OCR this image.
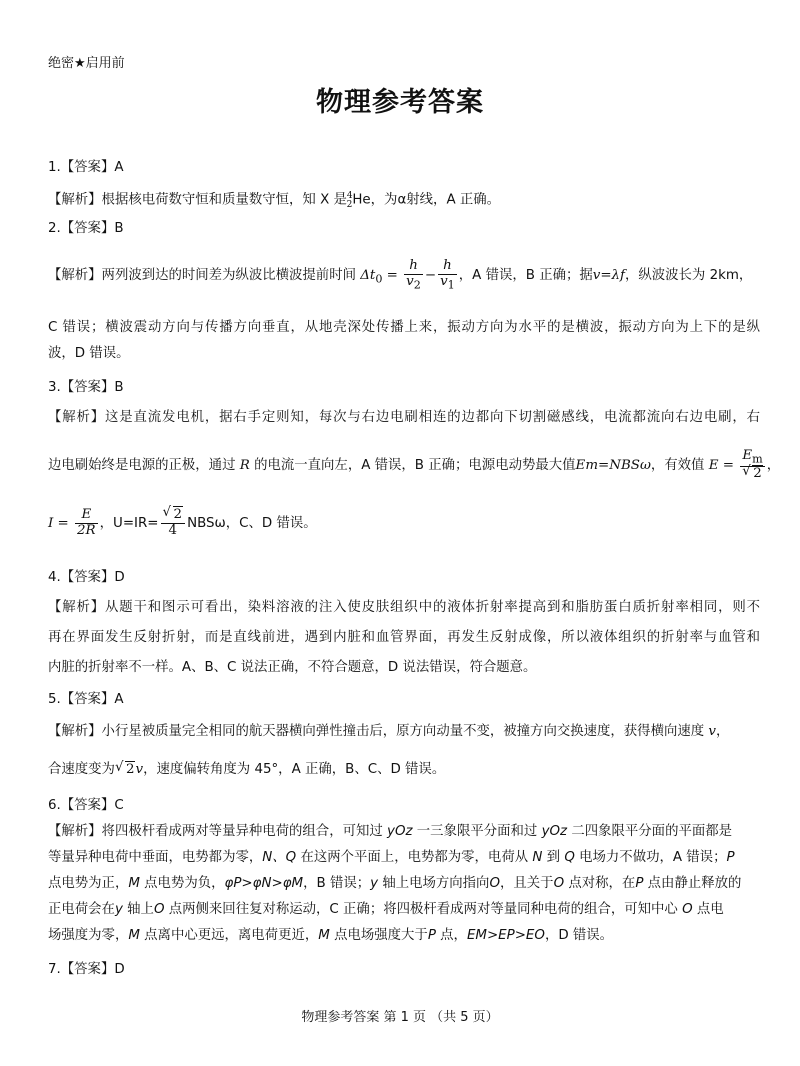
绝密★启用前
物理参考答案
1.【答案】A
【解析】根据核电荷数守恒和质量数守恒，知 X 是$^4_2$He，为α射线，A 正确。
2.【答案】B
【解析】两列波到达的时间差为纵波比横波提前时间 $\Delta t_0 = \frac{h}{v_2} - \frac{h}{v_1}$ ，A 错误，B 正确；据v=λf，纵波波长为 2km，
C 错误；横波震动方向与传播方向垂直，从地壳深处传播上来，振动方向为水平的是横波，振动方向为上下的是纵
波，D 错误。
3.【答案】B
【解析】这是直流发电机，据右手定则知，每次与右边电刷相连的边都向下切割磁感线，电流都流向右边电刷，右
边电刷始终是电源的正极，通过 R 的电流一直向左，A 错误，B 正确；电源电动势最大值Em=NBSω，有效值 $E = \frac{E_m}{√ 2}$ ，
$I = \frac{E}{2R}$ ，$U=IR= \frac{√ 2}{4}$ NBSω，C、D 错误。
4.【答案】D
【解析】从题干和图示可看出，染料溶液的注入使皮肤组织中的液体折射率提高到和脂肪蛋白质折射率相同，则不
再在界面发生反射折射，而是直线前进，遇到内脏和血管界面，再发生反射成像，所以液体组织的折射率与血管和
内脏的折射率不一样。A、B、C 说法正确，不符合题意，D 说法错误，符合题意。
5.【答案】A
【解析】小行星被质量完全相同的航天器横向弹性撞击后，原方向动量不变，被撞方向交换速度，获得横向速度 v，
合速度变为 √ 2v，速度偏转角度为 45°，A 正确，B、C、D 错误。
6.【答案】C
【解析】将四极杆看成两对等量异种电荷的组合，可知过 yOz 一三象限平分面和过 yOz 二四象限平分面的平面都是
等量异种电荷中垂面，电势都为零，N、Q 在这两个平面上，电势都为零，电荷从 N 到 Q 电场力不做功，A 错误；P
点电势为正，M 点电势为负，φP>φN>φM，B 错误；y 轴上电场方向指向O，且关于O 点对称，在P 点由静止释放的
正电荷会在y 轴上O 点两侧来回往复对称运动，C 正确；将四极杆看成两对等量同种电荷的组合，可知中心 O 点电
场强度为零，M 点离中心更远，离电荷更近，M 点电场强度大于P 点，EM>EP>EO，D 错误。
7.【答案】D
物理参考答案 第 1 页 （共 5 页）
